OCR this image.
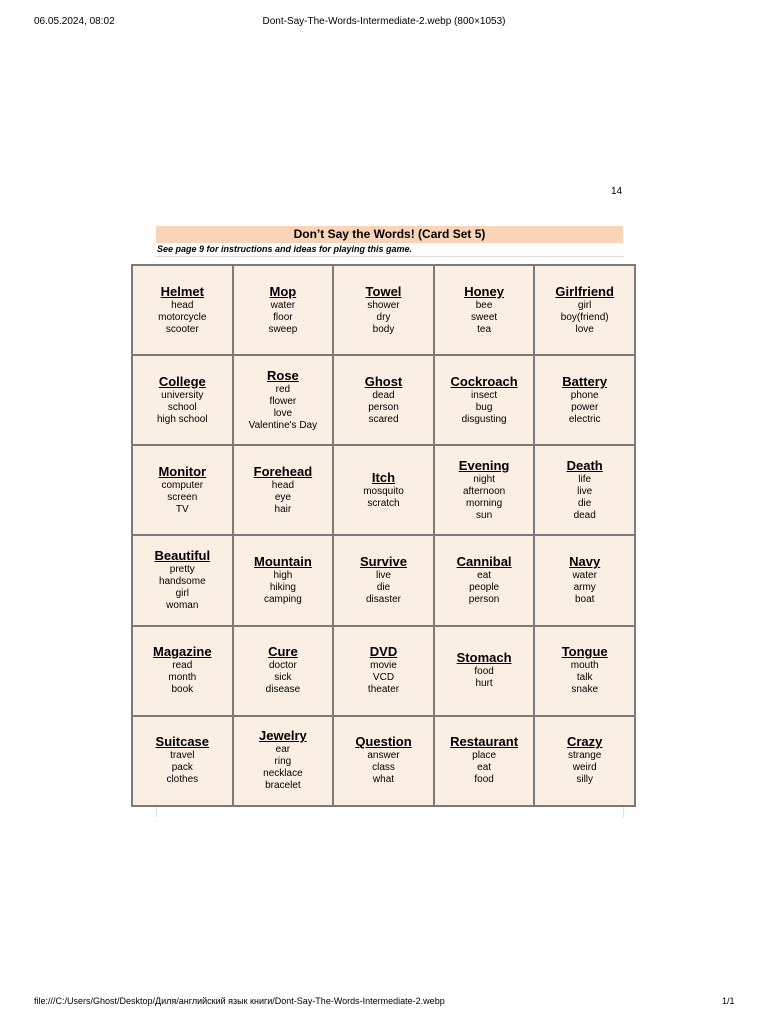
06.05.2024, 08:02	Dont-Say-The-Words-Intermediate-2.webp (800×1053)
14
Don’t Say the Words! (Card Set 5)
See page 9 for instructions and ideas for playing this game.
Helmet
head
motorcycle
scooter
Mop
water
floor
sweep
Towel
shower
dry
body
Honey
bee
sweet
tea
Girlfriend
girl
boy(friend)
love
College
university
school
high school
Rose
red
flower
love
Valentine's Day
Ghost
dead
person
scared
Cockroach
insect
bug
disgusting
Battery
phone
power
electric
Monitor
computer
screen
TV
Forehead
head
eye
hair
Itch
mosquito
scratch
Evening
night
afternoon
morning
sun
Death
life
live
die
dead
Beautiful
pretty
handsome
girl
woman
Mountain
high
hiking
camping
Survive
live
die
disaster
Cannibal
eat
people
person
Navy
water
army
boat
Magazine
read
month
book
Cure
doctor
sick
disease
DVD
movie
VCD
theater
Stomach
food
hurt
Tongue
mouth
talk
snake
Suitcase
travel
pack
clothes
Jewelry
ear
ring
necklace
bracelet
Question
answer
class
what
Restaurant
place
eat
food
Crazy
strange
weird
silly
file:///C:/Users/Ghost/Desktop/Диля/английский язык книги/Dont-Say-The-Words-Intermediate-2.webp	1/1
